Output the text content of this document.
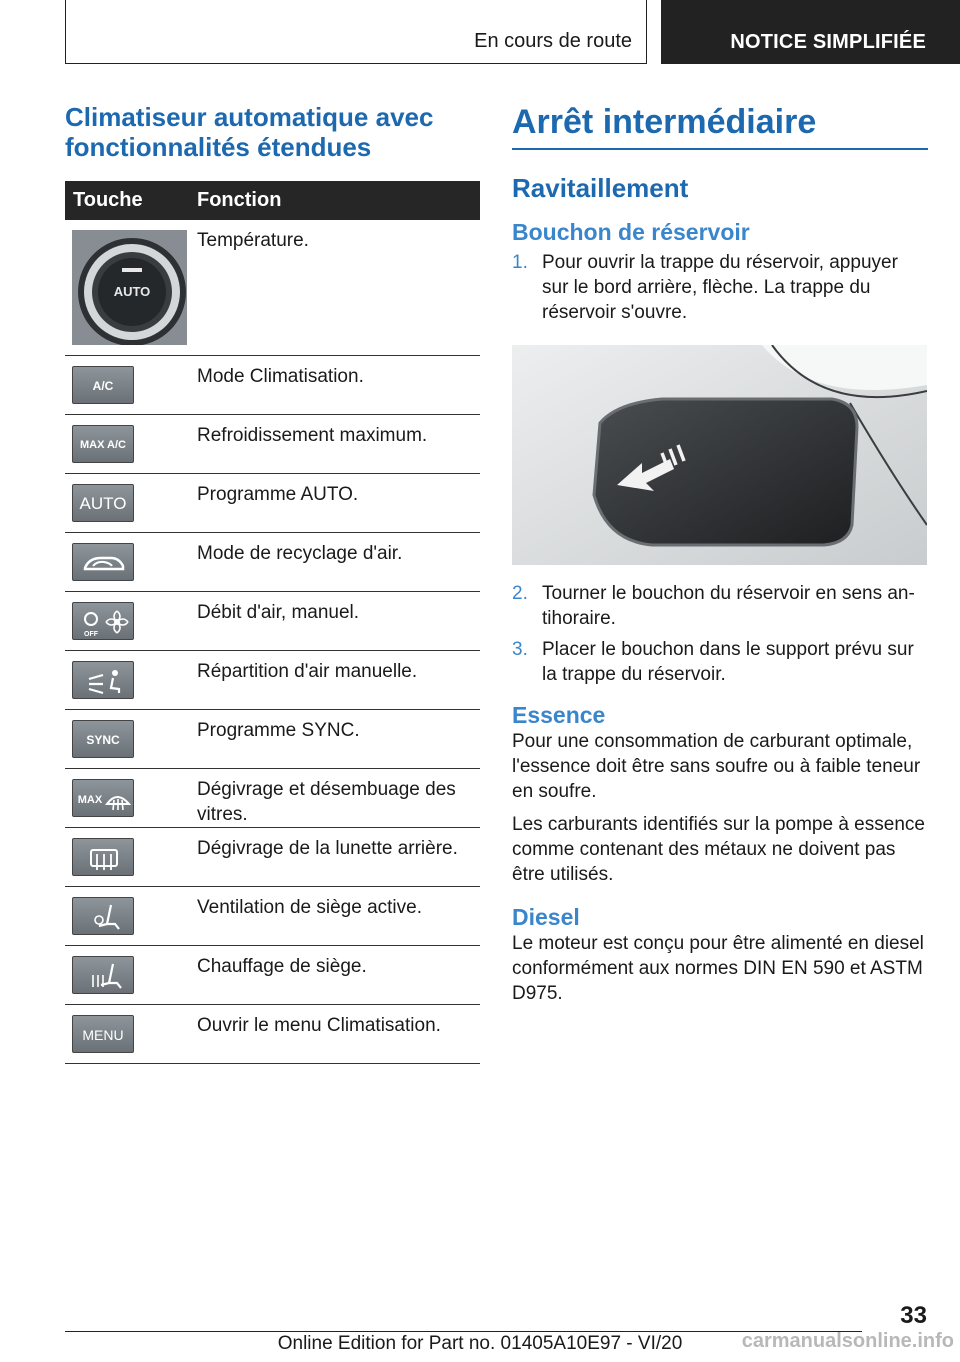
En cours de route	NOTICE SIMPLIFIÉE
Climatiseur automatique avec fonctionnalités étendues
Touche	Fonction

AUTO	Température.

A/C	Mode Climatisation.

MAX A/C	Refroidissement maximum.

AUTO	Programme AUTO.

	Mode de recyclage d'air.

OFF	Débit d'air, manuel.

	Répartition d'air manuelle.

SYNC	Programme SYNC.

MAX	Dégivrage et désembuage des vitres.

	Dégivrage de la lunette arrière.

	Ventilation de siège active.

	Chauffage de siège.

MENU	Ouvrir le menu Climatisation.
Arrêt intermédiaire
Ravitaillement
Bouchon de réservoir
1. Pour ouvrir la trappe du réservoir, appuyer sur le bord arrière, flèche. La trappe du réservoir s'ouvre.
2. Tourner le bouchon du réservoir en sens antihoraire.
3. Placer le bouchon dans le support prévu sur la trappe du réservoir.
Essence

Pour une consommation de carburant optimale, l'essence doit être sans soufre ou à faible teneur en soufre.

Les carburants identifiés sur la pompe à essence comme contenant des métaux ne doivent pas être utilisés.

Diesel

Le moteur est conçu pour être alimenté en diesel conformément aux normes DIN EN 590 et ASTM D975.

33
Online Edition for Part no. 01405A10E97 - VI/20	carmanualsonline.info
